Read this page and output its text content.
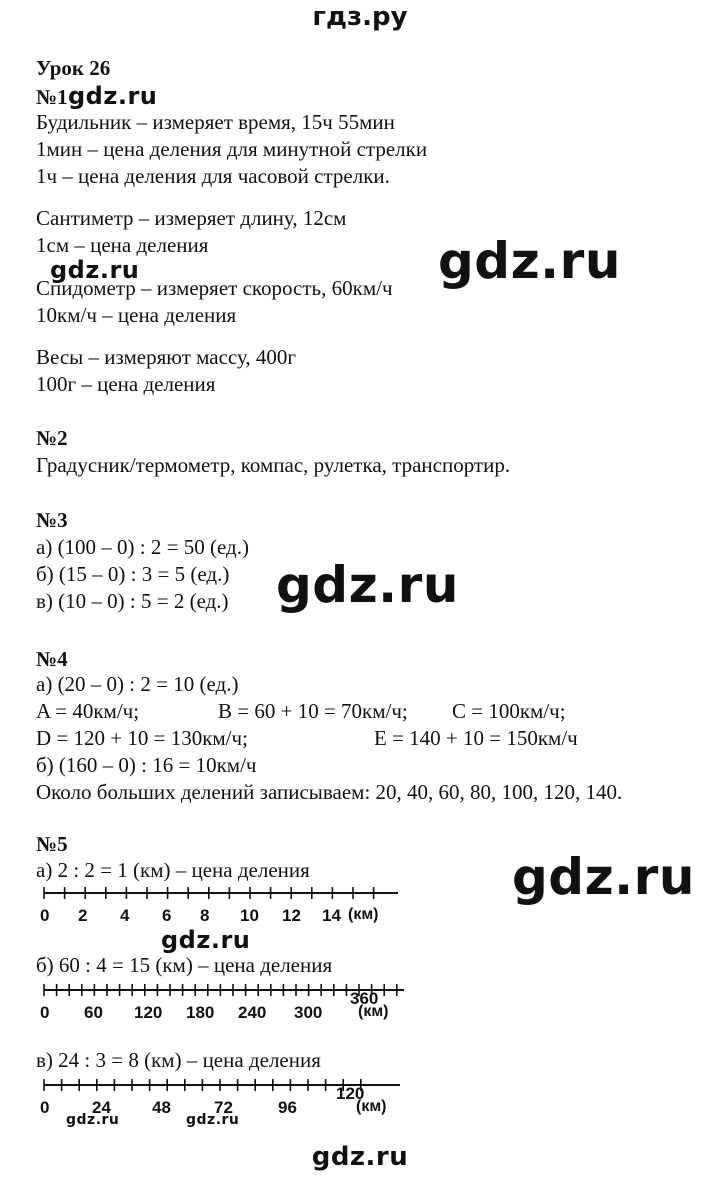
гдз.ру
gdz.ru
gdz.ru
gdz.ru
gdz.ru
gdz.ru
gdz.ru
gdz.ru	gdz.ru
gdz.ru
Урок 26
№1
Будильник – измеряет время, 15ч 55мин
1мин – цена деления для минутной стрелки
1ч – цена деления для часовой стрелки.
Сантиметр – измеряет длину, 12см
1см – цена деления
Спидометр – измеряет скорость, 60км/ч
10км/ч – цена деления
Весы – измеряют массу, 400г
100г – цена деления
№2
Градусник/термометр, компас, рулетка, транспортир.
№3
а) (100 – 0) : 2 = 50 (ед.)
б) (15 – 0) : 3 = 5 (ед.)
в) (10 – 0) : 5 = 2 (ед.)
№4
а) (20 – 0) : 2 = 10 (ед.)
A = 40км/ч;	B = 60 + 10 = 70км/ч; C = 100км/ч;
D = 120 + 10 = 130км/ч;	E = 140 + 10 = 150км/ч
б) (160 – 0) : 16 = 10км/ч
Около больших делений записываем: 20, 40, 60, 80, 100, 120, 140.
№5
а) 2 : 2 = 1 (км) – цена деления
б) 60 : 4 = 15 (км) – цена деления
в) 24 : 3 = 8 (км) – цена деления
0 2 4 6 8 10 12 14 (км)
0 60 120 180 240 300
360
(км)
0	24 48	72	96
120
(км)
